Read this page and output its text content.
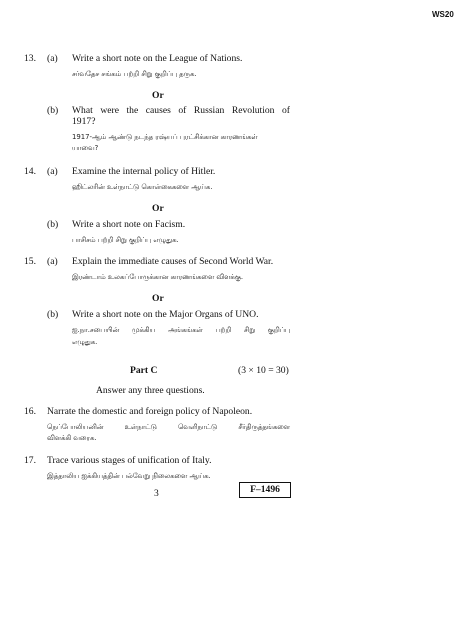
WS20
13. (a) Write a short note on the League of Nations.
சர்வதேச சங்கம் பற்றி சிறு குறிப்பு தருக.
Or
(b) What were the causes of Russian Revolution of
1917?
1917-ஆம் ஆண்டு நடந்த ரஷ்யப் புரட்சிக்கான காரணங்கள்
யாவை?
14. (a) Examine the internal policy of Hitler.
ஹிட்லரின் உள்நாட்டு கொள்கைகளை ஆய்க.
Or
(b) Write a short note on Facism.
பாசிசம் பற்றி சிறு குறிப்பு எழுதுக.
15. (a) Explain the immediate causes of Second World War.
இரண்டாம் உலகப்போருக்கான காரணங்களை விளக்கு.
Or
(b) Write a short note on the Major Organs of UNO.
ஐ.நா.சபையின் முக்கிய அங்கங்கள் பற்றி சிறு குறிப்பு
எழுதுக.
Part C	(3 × 10 = 30)
Answer any three questions.
16. Narrate the domestic and foreign policy of Napoleon.
நெப்போலியனின் உள்நாட்டு வெளிநாட்டு சீர்திருத்தங்களை
விளக்கி வரைக.
17. Trace various stages of unification of Italy.
இத்தாலிய ஐக்கியத்தின் பல்வேறு நிலைகளை ஆய்க.
3	F–1496
